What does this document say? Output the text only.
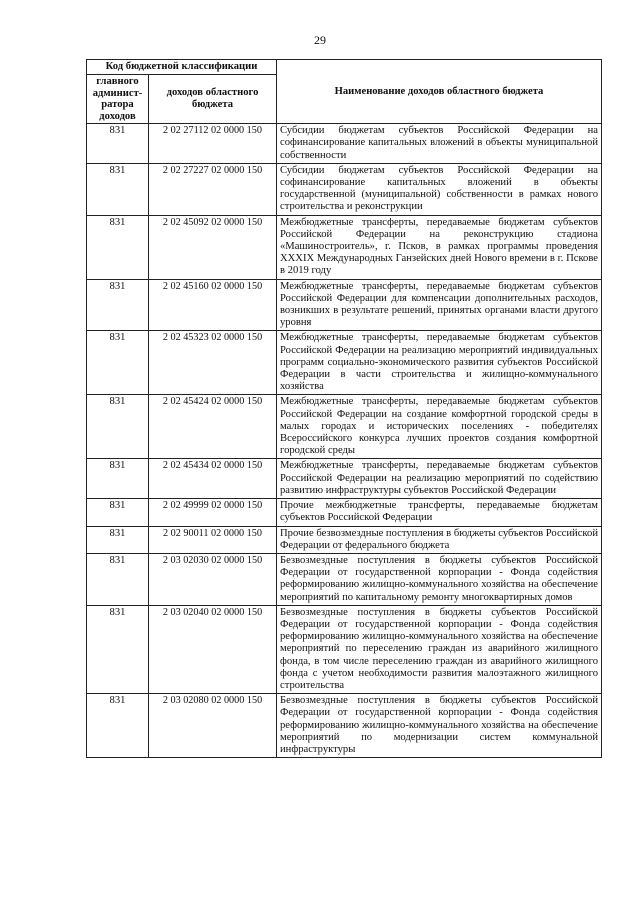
29
Код бюджетной классификации		Наименование доходов областного бюджета
главного админист-ратора доходов	доходов областного бюджета	
831	2 02 27112 02 0000 150	Субсидии бюджетам субъектов Российской Федерации на софинансирование капитальных вложений в объекты муниципальной собственности
831	2 02 27227 02 0000 150	Субсидии бюджетам субъектов Российской Федерации на софинансирование капитальных вложений в объекты государственной (муниципальной) собственности в рамках нового строительства и реконструкции
831	2 02 45092 02 0000 150	Межбюджетные трансферты, передаваемые бюджетам субъектов Российской Федерации на реконструкцию стадиона «Машиностроитель», г. Псков, в рамках программы проведения XXXIX Международных Ганзейских дней Нового времени в г. Пскове в 2019 году
831	2 02 45160 02 0000 150	Межбюджетные трансферты, передаваемые бюджетам субъектов Российской Федерации для компенсации дополнительных расходов, возникших в результате решений, принятых органами власти другого уровня
831	2 02 45323 02 0000 150	Межбюджетные трансферты, передаваемые бюджетам субъектов Российской Федерации на реализацию мероприятий индивидуальных программ социально-экономического развития субъектов Российской Федерации в части строительства и жилищно-коммунального хозяйства
831	2 02 45424 02 0000 150	Межбюджетные трансферты, передаваемые бюджетам субъектов Российской Федерации на создание комфортной городской среды в малых городах и исторических поселениях - победителях Всероссийского конкурса лучших проектов создания комфортной городской среды
831	2 02 45434 02 0000 150	Межбюджетные трансферты, передаваемые бюджетам субъектов Российской Федерации на реализацию мероприятий по содействию развитию инфраструктуры субъектов Российской Федерации
831	2 02 49999 02 0000 150	Прочие межбюджетные трансферты, передаваемые бюджетам субъектов Российской Федерации
831	2 02 90011 02 0000 150	Прочие безвозмездные поступления в бюджеты субъектов Российской Федерации от федерального бюджета
831	2 03 02030 02 0000 150	Безвозмездные поступления в бюджеты субъектов Российской Федерации от государственной корпорации - Фонда содействия реформированию жилищно-коммунального хозяйства на обеспечение мероприятий по капитальному ремонту многоквартирных домов
831	2 03 02040 02 0000 150	Безвозмездные поступления в бюджеты субъектов Российской Федерации от государственной корпорации - Фонда содействия реформированию жилищно-коммунального хозяйства на обеспечение мероприятий по переселению граждан из аварийного жилищного фонда, в том числе переселению граждан из аварийного жилищного фонда с учетом необходимости развития малоэтажного жилищного строительства
831	2 03 02080 02 0000 150	Безвозмездные поступления в бюджеты субъектов Российской Федерации от государственной корпорации - Фонда содействия реформированию жилищно-коммунального хозяйства на обеспечение мероприятий по модернизации систем коммунальной инфраструктуры
